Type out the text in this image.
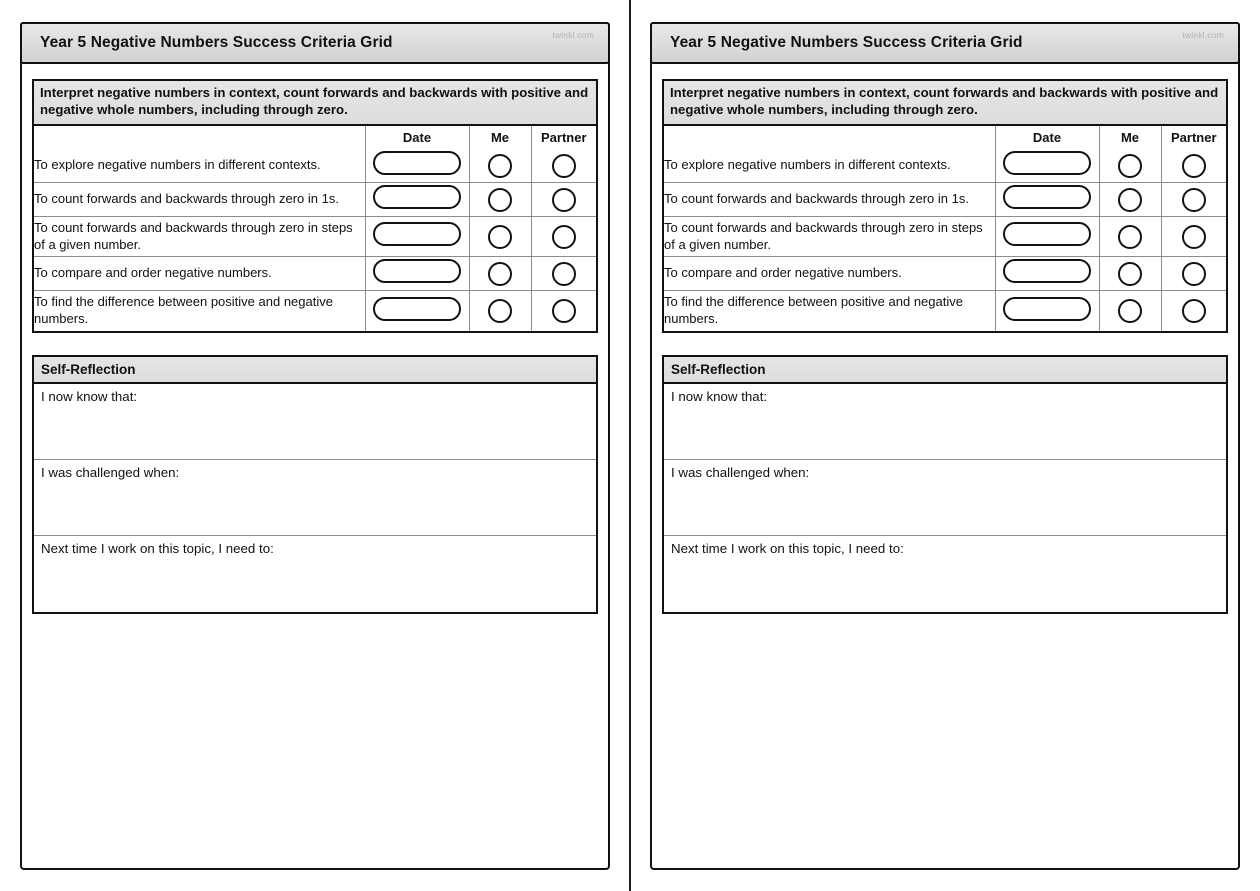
Year 5 Negative Numbers Success Criteria Grid	twinkl.com
Interpret negative numbers in context, count forwards and backwards with positive and negative whole numbers, including through zero.
	Date	Me	Partner
To explore negative numbers in different contexts.			
To count forwards and backwards through zero in 1s.			
To count forwards and backwards through zero in steps of a given number.			
To compare and order negative numbers.			
To find the difference between positive and negative numbers.			
Self-Reflection
I now know that:
I was challenged when:
Next time I work on this topic, I need to:
Year 5 Negative Numbers Success Criteria Grid	twinkl.com
Interpret negative numbers in context, count forwards and backwards with positive and negative whole numbers, including through zero.
	Date	Me	Partner
To explore negative numbers in different contexts.			
To count forwards and backwards through zero in 1s.			
To count forwards and backwards through zero in steps of a given number.			
To compare and order negative numbers.			
To find the difference between positive and negative numbers.			
Self-Reflection
I now know that:
I was challenged when:
Next time I work on this topic, I need to:
